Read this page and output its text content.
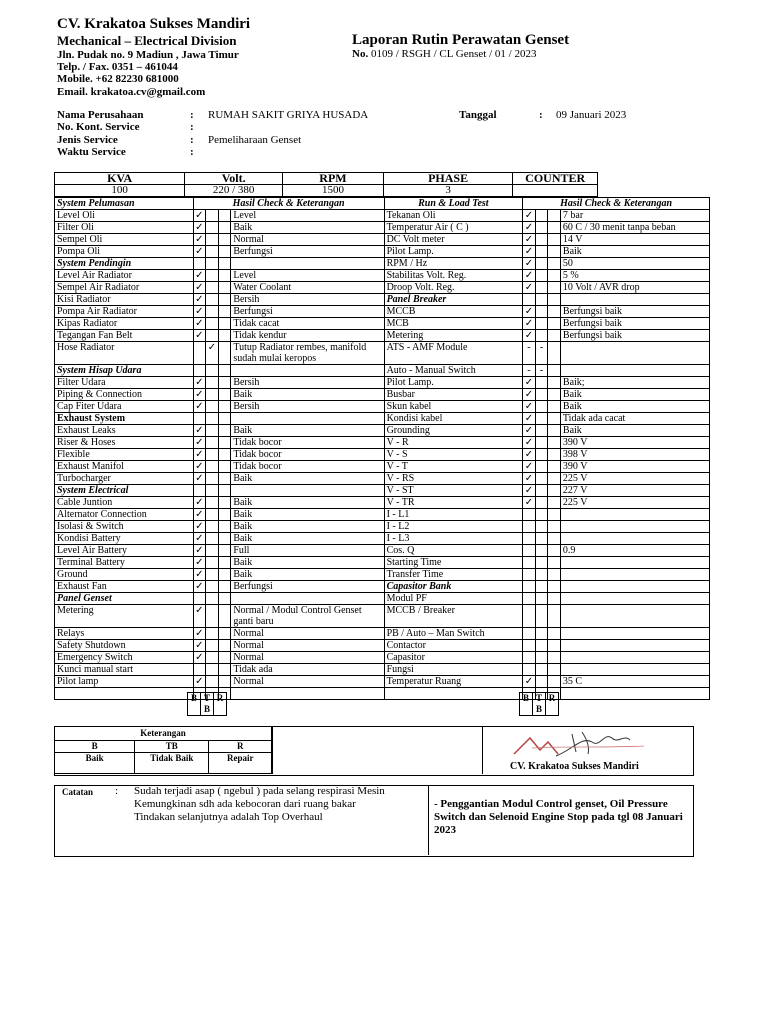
CV. Krakatoa Sukses Mandiri
Mechanical – Electrical Division
Jln. Pudak no. 9 Madiun , Jawa Timur
Telp. / Fax. 0351 – 461044
Mobile. +62 82230 681000
Email. krakatoa.cv@gmail.com
Laporan Rutin Perawatan Genset
No. 0109 / RSGH / CL Genset / 01 / 2023
Nama Perusahaan	: RUMAH SAKIT GRIYA HUSADA	Tanggal	: 09 Januari 2023
No. Kont. Service	:
Jenis Service	: Pemeliharaan Genset
Waktu Service	:
KVA	Volt.	RPM	PHASE	COUNTER
100	220 / 380	1500	3	
System Pelumasan	Hasil Check & Keterangan				Run & Load Test	Hasil Check & Keterangan			
Level Oli	✓			Level	Tekanan Oli	✓			7 bar
Filter Oli	✓			Baik	Temperatur Air ( C )	✓			60 C / 30 menit tanpa beban
Sempel Oli	✓			Normal	DC Volt meter	✓			14 V
Pompa Oli	✓			Berfungsi	Pilot Lamp.	✓			Baik
System Pendingin					RPM / Hz	✓			50
Level Air Radiator	✓			Level	Stabilitas Volt. Reg.	✓			5 %
Sempel Air Radiator	✓			Water Coolant	Droop Volt. Reg.	✓			10 Volt / AVR drop
Kisi Radiator	✓			Bersih	Panel Breaker				
Pompa Air Radiator	✓			Berfungsi	MCCB	✓			Berfungsi baik
Kipas Radiator	✓			Tidak cacat	MCB	✓			Berfungsi baik
Tegangan Fan Belt	✓			Tidak kendur	Metering	✓			Berfungsi baik
Hose Radiator		✓		Tutup Radiator rembes, manifold sudah mulai keropos	ATS - AMF Module	-	-		
System Hisap Udara					Auto - Manual Switch	-	-		
Filter Udara	✓			Bersih	Pilot Lamp.	✓			Baik;
Piping & Connection	✓			Baik	Busbar	✓			Baik
Cap Fiter Udara	✓			Bersih	Skun kabel	✓			Baik
Exhaust System					Kondisi kabel	✓			Tidak ada cacat
Exhaust Leaks	✓			Baik	Grounding	✓			Baik
Riser & Hoses	✓			Tidak bocor	V - R	✓			390 V
Flexible	✓			Tidak bocor	V - S	✓			398 V
Exhaust Manifol	✓			Tidak bocor	V - T	✓			390 V
Turbocharger	✓			Baik	V - RS	✓			225 V
System Electrical					V - ST	✓			227 V
Cable Juntion	✓			Baik	V - TR	✓			225 V
Alternator Connection	✓			Baik	I - L1				
Isolasi & Switch	✓			Baik	I - L2				
Kondisi Battery	✓			Baik	I - L3				
Level Air Battery	✓			Full	Cos. Q				0.9
Terminal Battery	✓			Baik	Starting Time				
Ground	✓			Baik	Transfer Time				
Exhaust Fan	✓			Berfungsi	Capasitor Bank				
Panel Genset					Modul PF				
Metering	✓			Normal / Modul Control Genset ganti baru	MCCB / Breaker				
Relays	✓			Normal	PB / Auto – Man Switch				
Safety Shutdown	✓			Normal	Contactor				
Emergency Switch	✓			Normal	Capasitor				
Kunci manual start				Tidak ada	Fungsi				
Pilot lamp	✓			Normal	Temperatur Ruang	✓			35 C

B	T
B	R	B	T
B	R
Keterangan		
B	TB	R
Baik	Tidak Baik	Repair
CV. Krakatoa Sukses Mandiri
Catatan : Sudah terjadi asap ( ngebul ) pada selang respirasi Mesin
Kemungkinan sdh ada kebocoran dari ruang bakar
Tindakan selanjutnya adalah Top Overhaul
- Penggantian Modul Control genset, Oil Pressure Switch dan Selenoid Engine Stop pada tgl 08 Januari 2023
